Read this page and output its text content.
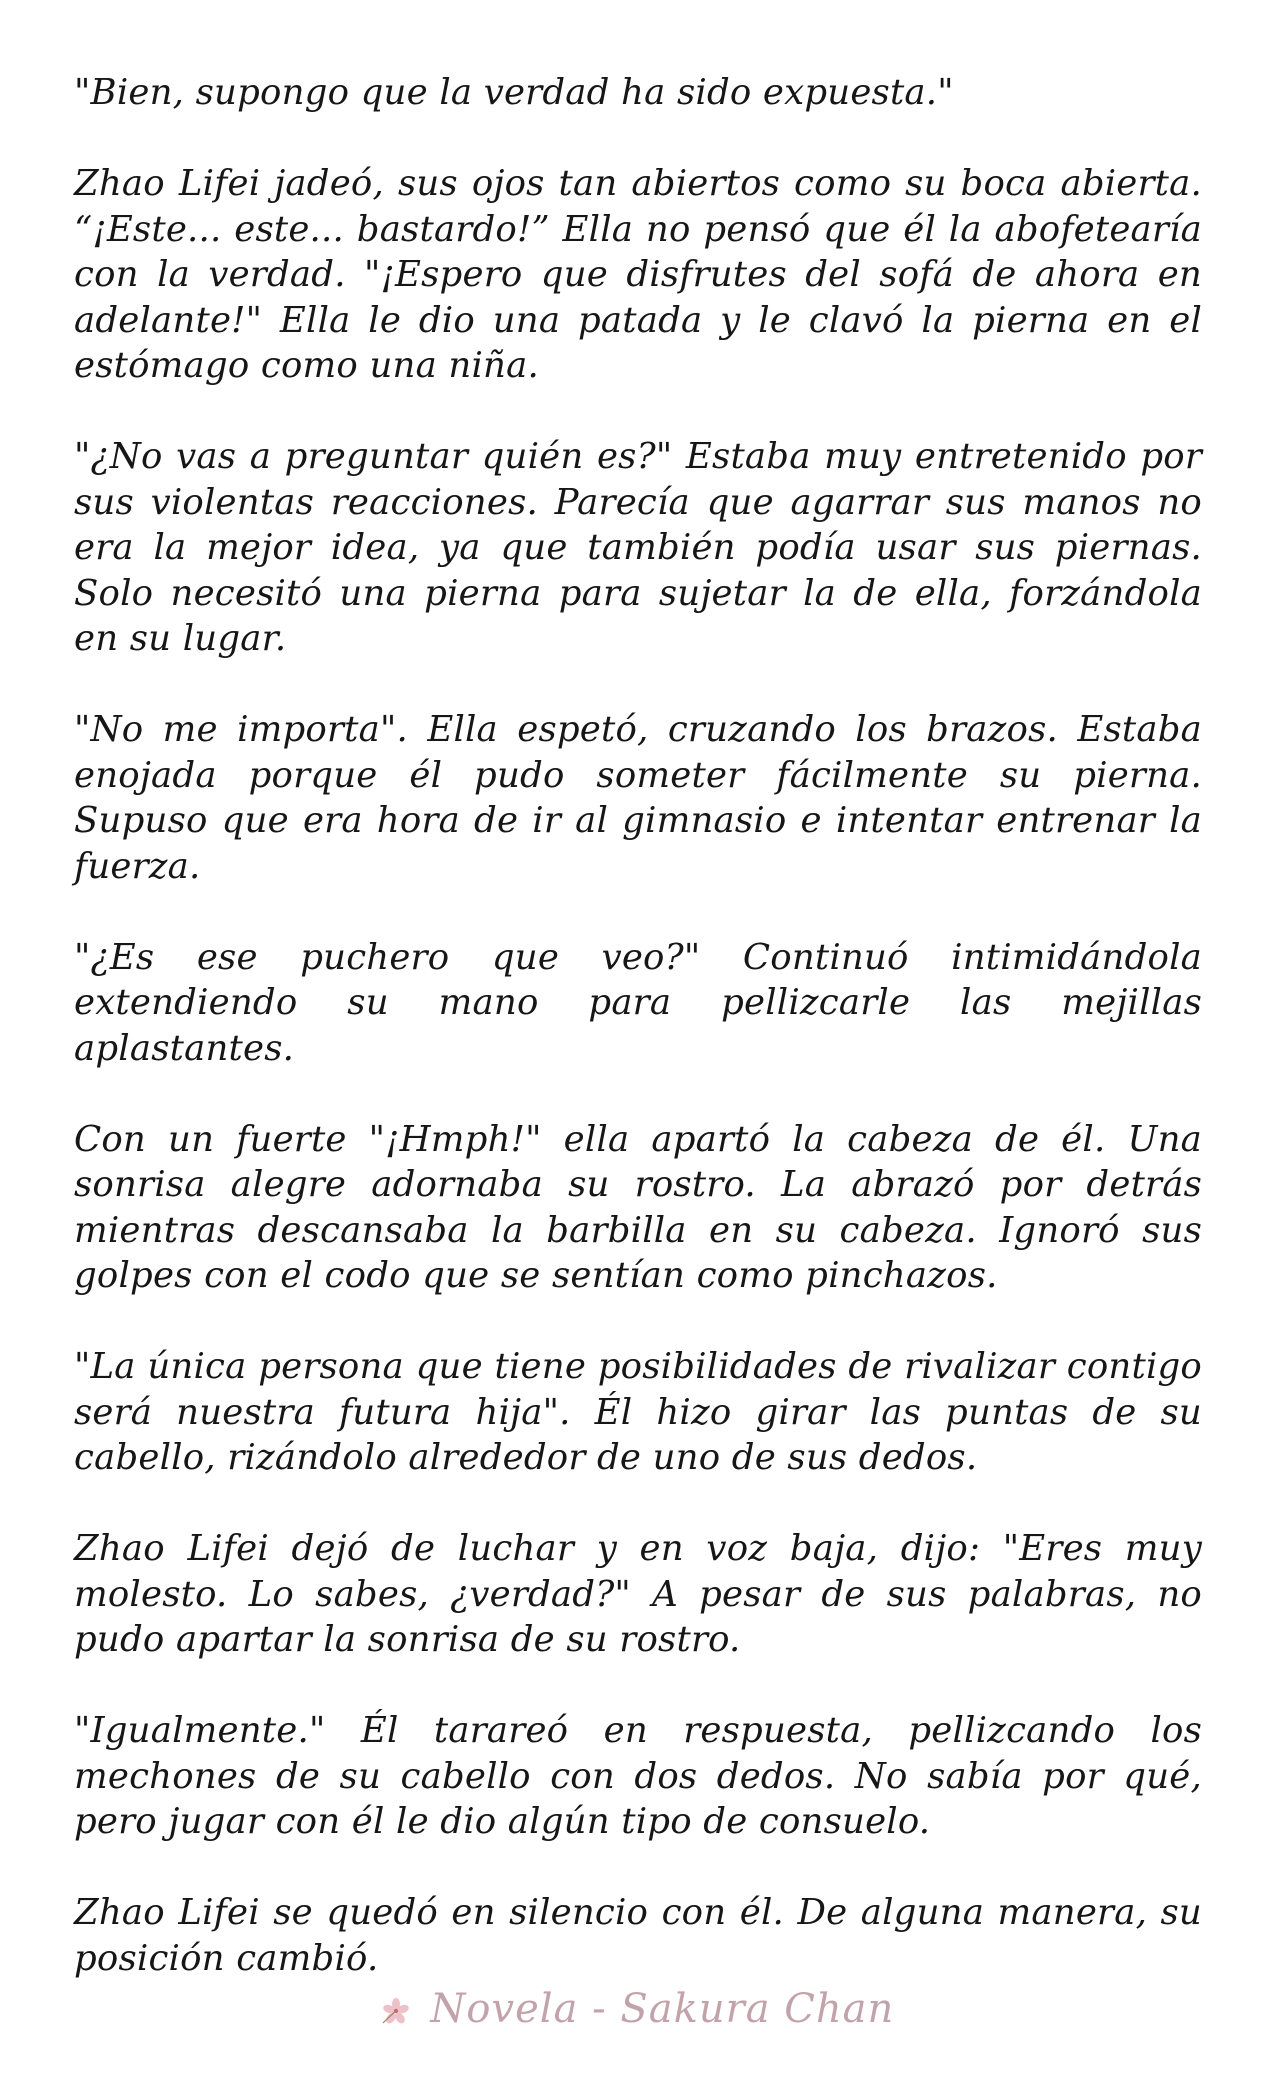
"Bien, supongo que la verdad ha sido expuesta."

Zhao Lifei jadeó, sus ojos tan abiertos como su boca abierta. “¡Este... este... bastardo!” Ella no pensó que él la abofetearía con la verdad. "¡Espero que disfrutes del sofá de ahora en adelante!" Ella le dio una patada y le clavó la pierna en el estómago como una niña.

"¿No vas a preguntar quién es?" Estaba muy entretenido por sus violentas reacciones. Parecía que agarrar sus manos no era la mejor idea, ya que también podía usar sus piernas. Solo necesitó una pierna para sujetar la de ella, forzándola en su lugar.

"No me importa". Ella espetó, cruzando los brazos. Estaba enojada porque él pudo someter fácilmente su pierna. Supuso que era hora de ir al gimnasio e intentar entrenar la fuerza.

"¿Es ese puchero que veo?" Continuó intimidándola extendiendo su mano para pellizcarle las mejillas aplastantes.

Con un fuerte "¡Hmph!" ella apartó la cabeza de él. Una sonrisa alegre adornaba su rostro. La abrazó por detrás mientras descansaba la barbilla en su cabeza. Ignoró sus golpes con el codo que se sentían como pinchazos.

"La única persona que tiene posibilidades de rivalizar contigo será nuestra futura hija". Él hizo girar las puntas de su cabello, rizándolo alrededor de uno de sus dedos.

Zhao Lifei dejó de luchar y en voz baja, dijo: "Eres muy molesto. Lo sabes, ¿verdad?" A pesar de sus palabras, no pudo apartar la sonrisa de su rostro.

"Igualmente." Él tarareó en respuesta, pellizcando los mechones de su cabello con dos dedos. No sabía por qué, pero jugar con él le dio algún tipo de consuelo.

Zhao Lifei se quedó en silencio con él. De alguna manera, su posición cambió.

Novela - Sakura Chan
